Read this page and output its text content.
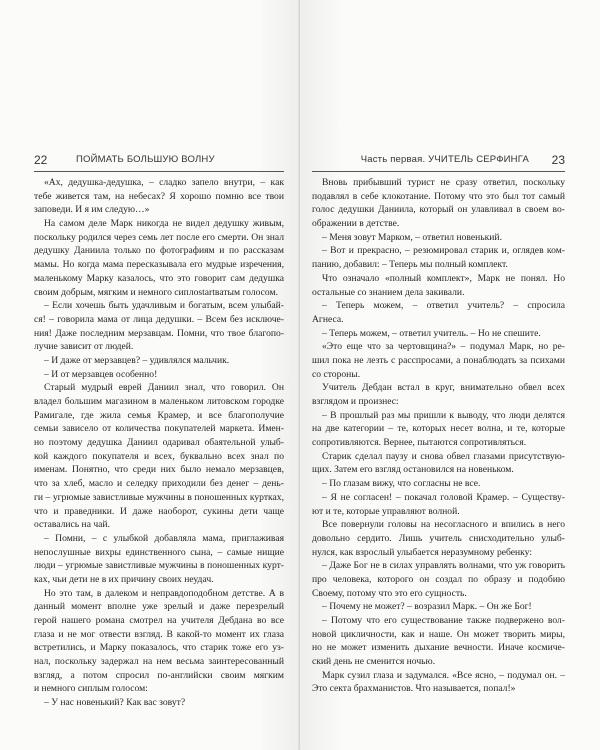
22	ПОЙМАТЬ БОЛЬШУЮ ВОЛНУ
«Ах, дедушка-дедушка, – сладко запело внутри, – как
тебе живется там, на небесах? Я хорошо помню все твои
заповеди. И я им следую…»
На самом деле Марк никогда не видел дедушку живым,
поскольку родился через семь лет после его смерти. Он знал
дедушку Даниила только по фотографиям и по рассказам
мамы. Но когда мама пересказывала его мудрые изречения,
маленькому Марку казалось, что это говорит сам дедушка
своим добрым, мягким и немного сиплоstartватым голосом.
– Если хочешь быть удачливым и богатым, всем улыбай-
ся! – говорила мама от лица дедушки. – Всем без исключе-
ния! Даже последним мерзавцам. Помни, что твое благопо-
лучие зависит от людей.
– И даже от мерзавцев? – удивлялся мальчик.
– И от мерзавцев особенно!
Старый мудрый еврей Даниил знал, что говорил. Он
владел большим магазином в маленьком литовском городке
Рамигале, где жила семья Крамер, и все благополучие
семьи зависело от количества покупателей маркета. Имен-
но поэтому дедушка Даниил одаривал обаятельной улыб-
кой каждого покупателя и всех, буквально всех знал по
именам. Понятно, что среди них было немало мерзавцев,
что за хлеб, масло и селедку приходили без денег – день-
ги – угрюмые завистливые мужчины в поношенных куртках,
что и праведники. И даже наоборот, сукины дети чаще
оставались на чай.
– Помни, – с улыбкой добавляла мама, приглаживая
непослушные вихры единственного сына, – самые нищие
люди – угрюмые завистливые мужчины в поношенных курт-
ках, чьи дети не в их причину своих неудач.
Но это там, в далеком и неправдоподобном детстве. А в
данный момент вполне уже зрелый и даже перезрелый
герой нашего романа смотрел на учителя Дебдана во все
глаза и не мог отвести взгляд. В какой-то момент их глаза
встретились, и Марку показалось, что старик тоже его уз-
нал, поскольку задержал на нем весьма заинтересованный
взгляд, а потом спросил по-английски своим мягким
и немного сиплым голосом:
– У нас новенький? Как вас зовут?
Часть первая. УЧИТЕЛЬ СЕРФИНГА 23
Вновь прибывший турист не сразу ответил, поскольку
подавлял в себе клокотание. Потому что это был тот самый
голос дедушки Даниила, который он улавливал в своем во-
ображении в детстве.
– Меня зовут Марком, – ответил новенький.
– Вот и прекрасно, – резюмировал старик и, оглядев ком-
панию, добавил: – Теперь мы полный комплект.
Что означало «полный комплект», Марк не понял. Но
остальные со знанием дела закивали.
– Теперь можем, – ответил учитель? – спросила
Агнеса.
– Теперь можем, – ответил учитель. – Но не спешите.
«Это еще что за чертовщина?» – подумал Марк, но ре-
шил пока не лезть с расспросами, а понаблюдать за психами
со стороны.
Учитель Дебдан встал в круг, внимательно обвел всех
взглядом и произнес:
– В прошлый раз мы пришли к выводу, что люди делятся
на две категории – те, которых несет волна, и те, которые
сопротивляются. Вернее, пытаются сопротивляться.
Старик сделал паузу и снова обвел глазами присутствую-
щих. Затем его взгляд остановился на новеньком.
– По глазам вижу, что согласны не все.
– Я не согласен! – покачал головой Крамер. – Существу-
ют и те, которые управляют волной.
Все повернули головы на несогласного и впились в него
довольно сердито. Лишь учитель снисходительно улыб-
нулся, как взрослый улыбается неразумному ребенку:
– Даже Бог не в силах управлять волнами, что уж говорить
про человека, которого он создал по образу и подобию
Своему, потому что это его сущность.
– Почему не может? – возразил Марк. – Он же Бог!
– Потому что его существование также подвержено вол-
новой цикличности, как и наше. Он может творить миры,
но не может изменить дыхание вечности. Иначе космиче-
ский день не сменится ночью.
Марк сузил глаза и задумался. «Все ясно, – подумал он. –
Это секта брахманистов. Что называется, попал!»
